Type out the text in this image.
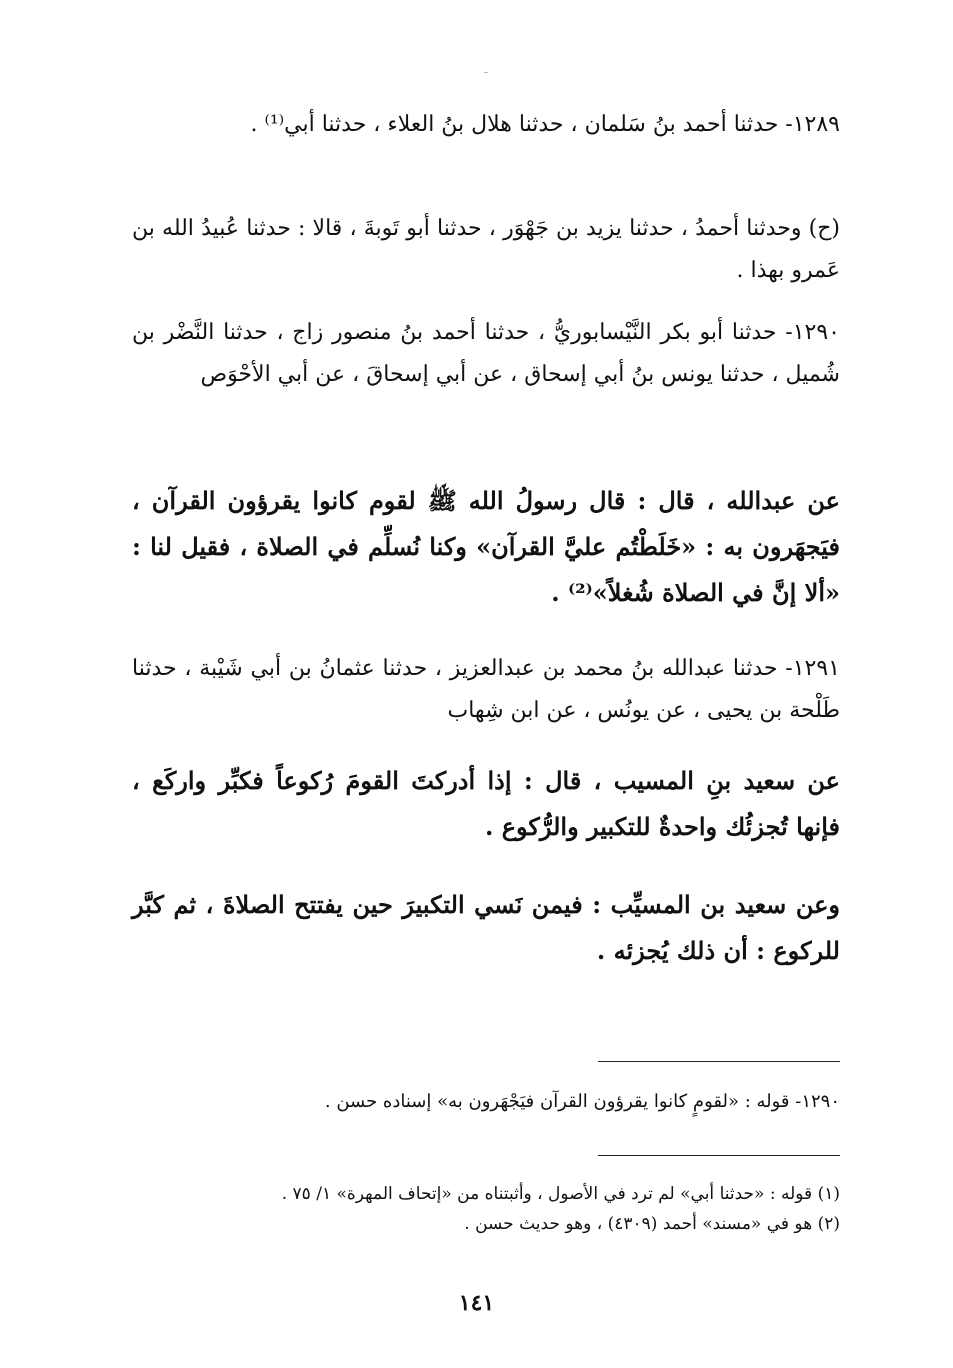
١٢٨٩- حدثنا أحمد بنُ سَلمان ، حدثنا هلال بنُ العلاء ، حدثنا أبي⁽¹⁾ .

(ح) وحدثنا أحمدُ ، حدثنا يزيد بن جَهْوَر ، حدثنا أبو تَوبةَ ، قالا : حدثنا عُبيدُ الله بن عَمرو بهذا .

١٢٩٠- حدثنا أبو بكر النَّيْسابوريُّ ، حدثنا أحمد بنُ منصور زاج ، حدثنا النَّضْر بن شُميل ، حدثنا يونس بنُ أبي إسحاق ، عن أبي إسحاقَ ، عن أبي الأحْوَص

عن عبدالله ، قال : قال رسولُ الله ﷺ لقوم كانوا يقرؤون القرآن ، فيَجهَرون به : «خَلَطْتُم عليَّ القرآن» وكنا نُسلِّم في الصلاة ، فقيل لنا : «ألا إنَّ في الصلاة شُغلاً»⁽²⁾ .

١٢٩١- حدثنا عبدالله بنُ محمد بن عبدالعزيز ، حدثنا عثمانُ بن أبي شَيْبة ، حدثنا طَلْحة بن يحيى ، عن يونُس ، عن ابن شِهاب

عن سعيد بنِ المسيب ، قال : إذا أدركتَ القومَ رُكوعاً فكبِّر واركَع ، فإنها تُجزئُك واحدةٌ للتكبير والرُّكوع .

وعن سعيد بن المسيِّب : فيمن نَسي التكبيرَ حين يفتتح الصلاةَ ، ثم كبَّر للركوع : أن ذلك يُجزئه .

١٢٩٠- قوله : «لقومٍ كانوا يقرؤون القرآن فيَجْهَرون به» إسناده حسن .

(١) قوله : «حدثنا أبي» لم ترد في الأصول ، وأثبتناه من «إتحاف المهرة» ١/ ٧٥ .

(٢) هو في «مسند» أحمد (٤٣٠٩) ، وهو حديث حسن .

١٤١
